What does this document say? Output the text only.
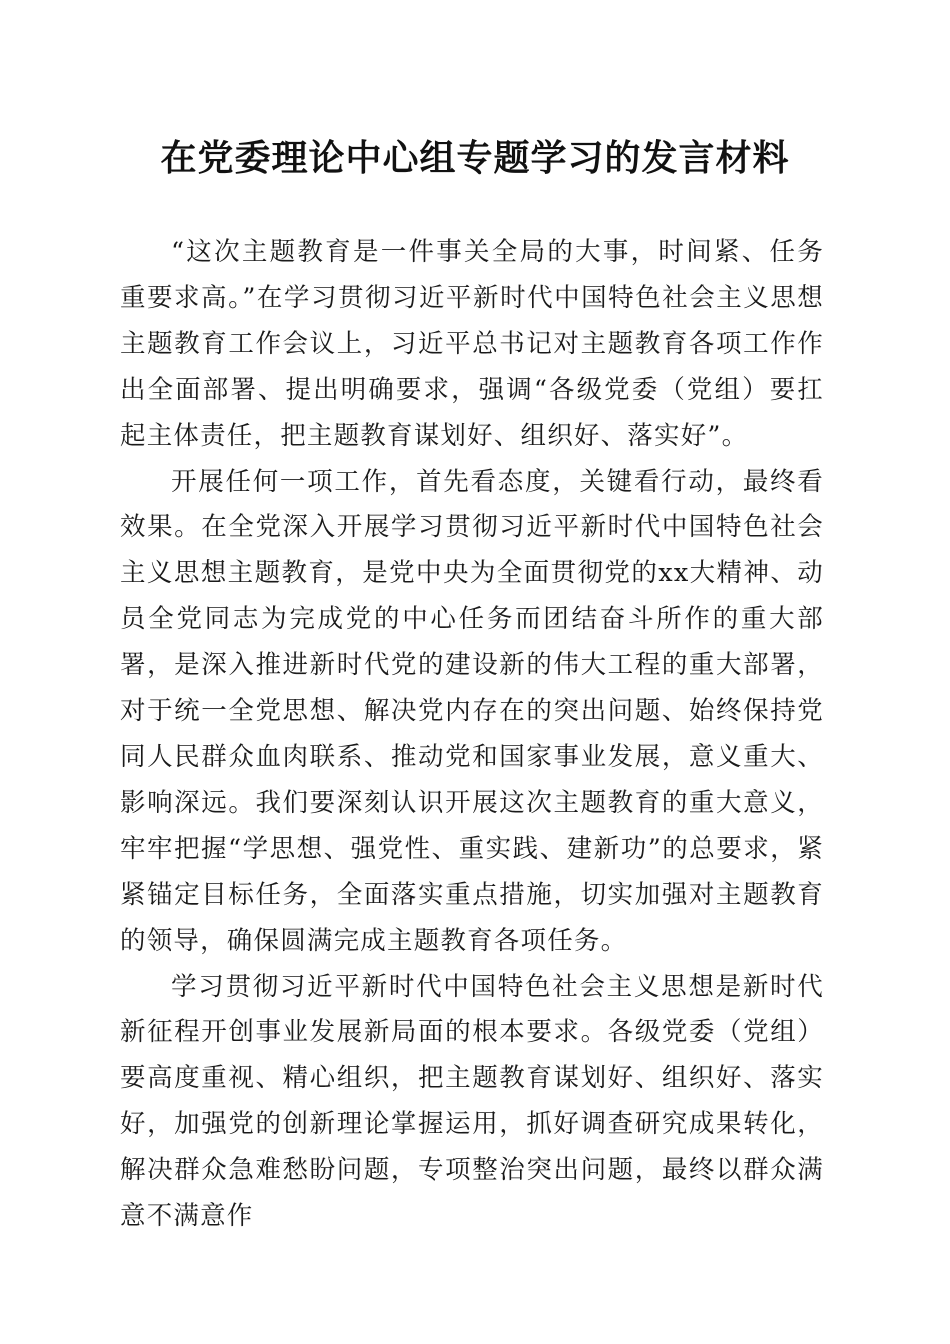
在党委理论中心组专题学习的发言材料

“这次主题教育是一件事关全局的大事，时间紧、任务重要求高。”在学习贯彻习近平新时代中国特色社会主义思想主题教育工作会议上，习近平总书记对主题教育各项工作作出全面部署、提出明确要求，强调“各级党委（党组）要扛起主体责任，把主题教育谋划好、组织好、落实好”。

开展任何一项工作，首先看态度，关键看行动，最终看效果。在全党深入开展学习贯彻习近平新时代中国特色社会主义思想主题教育，是党中央为全面贯彻党的xx大精神、动员全党同志为完成党的中心任务而团结奋斗所作的重大部署，是深入推进新时代党的建设新的伟大工程的重大部署，对于统一全党思想、解决党内存在的突出问题、始终保持党同人民群众血肉联系、推动党和国家事业发展，意义重大、影响深远。我们要深刻认识开展这次主题教育的重大意义，牢牢把握“学思想、强党性、重实践、建新功”的总要求，紧紧锚定目标任务，全面落实重点措施，切实加强对主题教育的领导，确保圆满完成主题教育各项任务。

学习贯彻习近平新时代中国特色社会主义思想是新时代新征程开创事业发展新局面的根本要求。各级党委（党组）要高度重视、精心组织，把主题教育谋划好、组织好、落实好，加强党的创新理论掌握运用，抓好调查研究成果转化，解决群众急难愁盼问题，专项整治突出问题，最终以群众满意不满意作
